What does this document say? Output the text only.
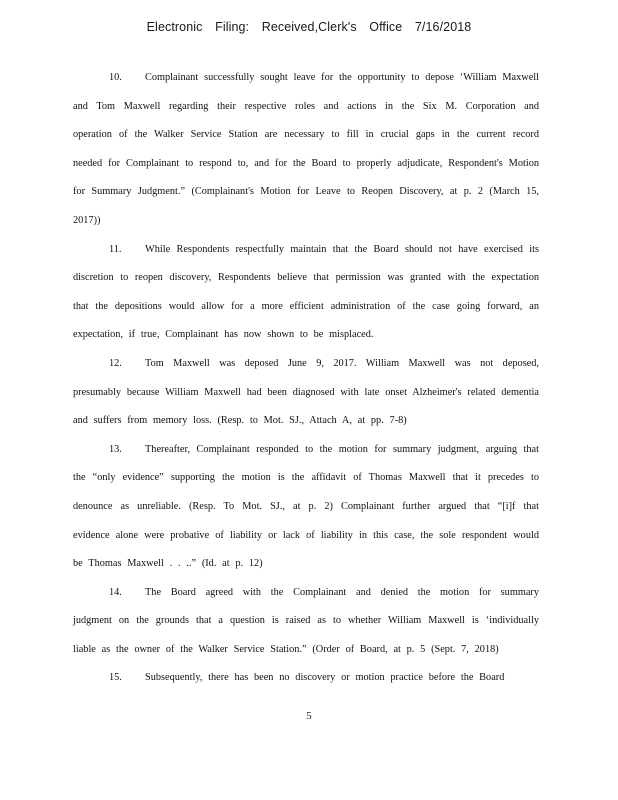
Electronic Filing: Received,Clerk's Office 7/16/2018

10. Complainant successfully sought leave for the opportunity to depose ‘William Maxwell and Tom Maxwell regarding their respective roles and actions in the Six M. Corporation and operation of the Walker Service Station are necessary to fill in crucial gaps in the current record needed for Complainant to respond to, and for the Board to properly adjudicate, Respondent's Motion for Summary Judgment.” (Complainant's Motion for Leave to Reopen Discovery, at p. 2 (March 15, 2017))

11. While Respondents respectfully maintain that the Board should not have exercised its discretion to reopen discovery, Respondents believe that permission was granted with the expectation that the depositions would allow for a more efficient administration of the case going forward, an expectation, if true, Complainant has now shown to be misplaced.

12. Tom Maxwell was deposed June 9, 2017. William Maxwell was not deposed, presumably because William Maxwell had been diagnosed with late onset Alzheimer's related dementia and suffers from memory loss. (Resp. to Mot. SJ., Attach A, at pp. 7-8)

13. Thereafter, Complainant responded to the motion for summary judgment, arguing that the “only evidence” supporting the motion is the affidavit of Thomas Maxwell that it precedes to denounce as unreliable. (Resp. To Mot. SJ., at p. 2) Complainant further argued that “[i]f that evidence alone were probative of liability or lack of liability in this case, the sole respondent would be Thomas Maxwell . . ..” (Id. at p. 12)

14. The Board agreed with the Complainant and denied the motion for summary judgment on the grounds that a question is raised as to whether William Maxwell is ‘individually liable as the owner of the Walker Service Station.” (Order of Board, at p. 5 (Sept. 7, 2018)

15. Subsequently, there has been no discovery or motion practice before the Board

5
